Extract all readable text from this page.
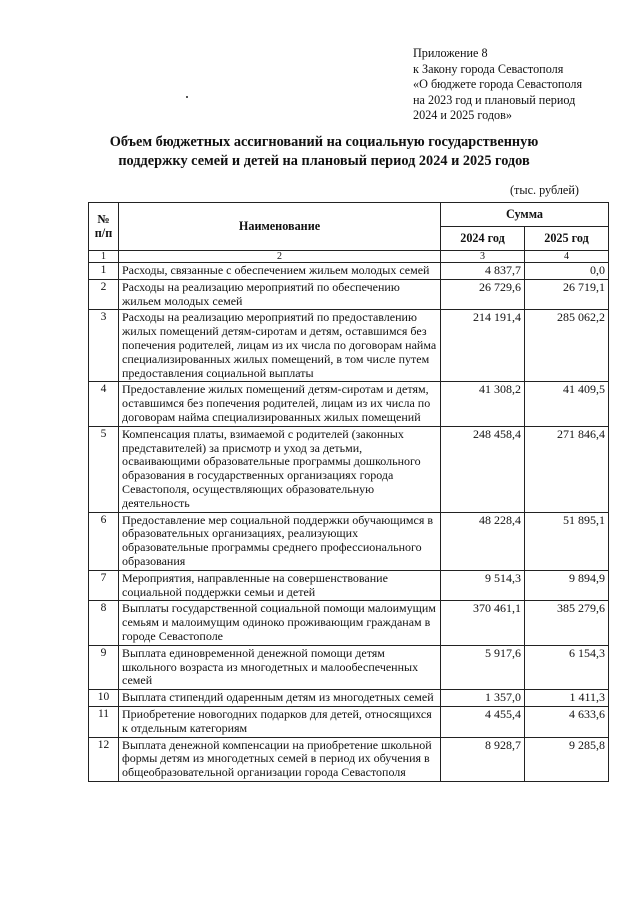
Приложение 8
к Закону города Севастополя
«О бюджете города Севастополя
на 2023 год и плановый период
2024 и 2025 годов»
Объем бюджетных ассигнований на социальную государственную
поддержку семей и детей на плановый период 2024 и 2025 годов
(тыс. рублей)
№ п/п	Наименование	Сумма	
		2024 год	2025 год
1	2	3	4
1	Расходы, связанные с обеспечением жильем молодых семей	4 837,7	0,0
2	Расходы на реализацию мероприятий по обеспечению жильем молодых семей	26 729,6	26 719,1
3	Расходы на реализацию мероприятий по предоставлению жилых помещений детям-сиротам и детям, оставшимся без попечения родителей, лицам из их числа по договорам найма специализированных жилых помещений, в том числе путем предоставления социальной выплаты	214 191,4	285 062,2
4	Предоставление жилых помещений детям-сиротам и детям, оставшимся без попечения родителей, лицам из их числа по договорам найма специализированных жилых помещений	41 308,2	41 409,5
5	Компенсация платы, взимаемой с родителей (законных представителей) за присмотр и уход за детьми, осваивающими образовательные программы дошкольного образования в государственных организациях города Севастополя, осуществляющих образовательную деятельность	248 458,4	271 846,4
6	Предоставление мер социальной поддержки обучающимся в образовательных организациях, реализующих образовательные программы среднего профессионального образования	48 228,4	51 895,1
7	Мероприятия, направленные на совершенствование социальной поддержки семьи и детей	9 514,3	9 894,9
8	Выплаты государственной социальной помощи малоимущим семьям и малоимущим одиноко проживающим гражданам в городе Севастополе	370 461,1	385 279,6
9	Выплата единовременной денежной помощи детям школьного возраста из многодетных и малообеспеченных семей	5 917,6	6 154,3
10	Выплата стипендий одаренным детям из многодетных семей	1 357,0	1 411,3
11	Приобретение новогодних подарков для детей, относящихся к отдельным категориям	4 455,4	4 633,6
12	Выплата денежной компенсации на приобретение школьной формы детям из многодетных семей в период их обучения в общеобразовательной организации города Севастополя	8 928,7	9 285,8
